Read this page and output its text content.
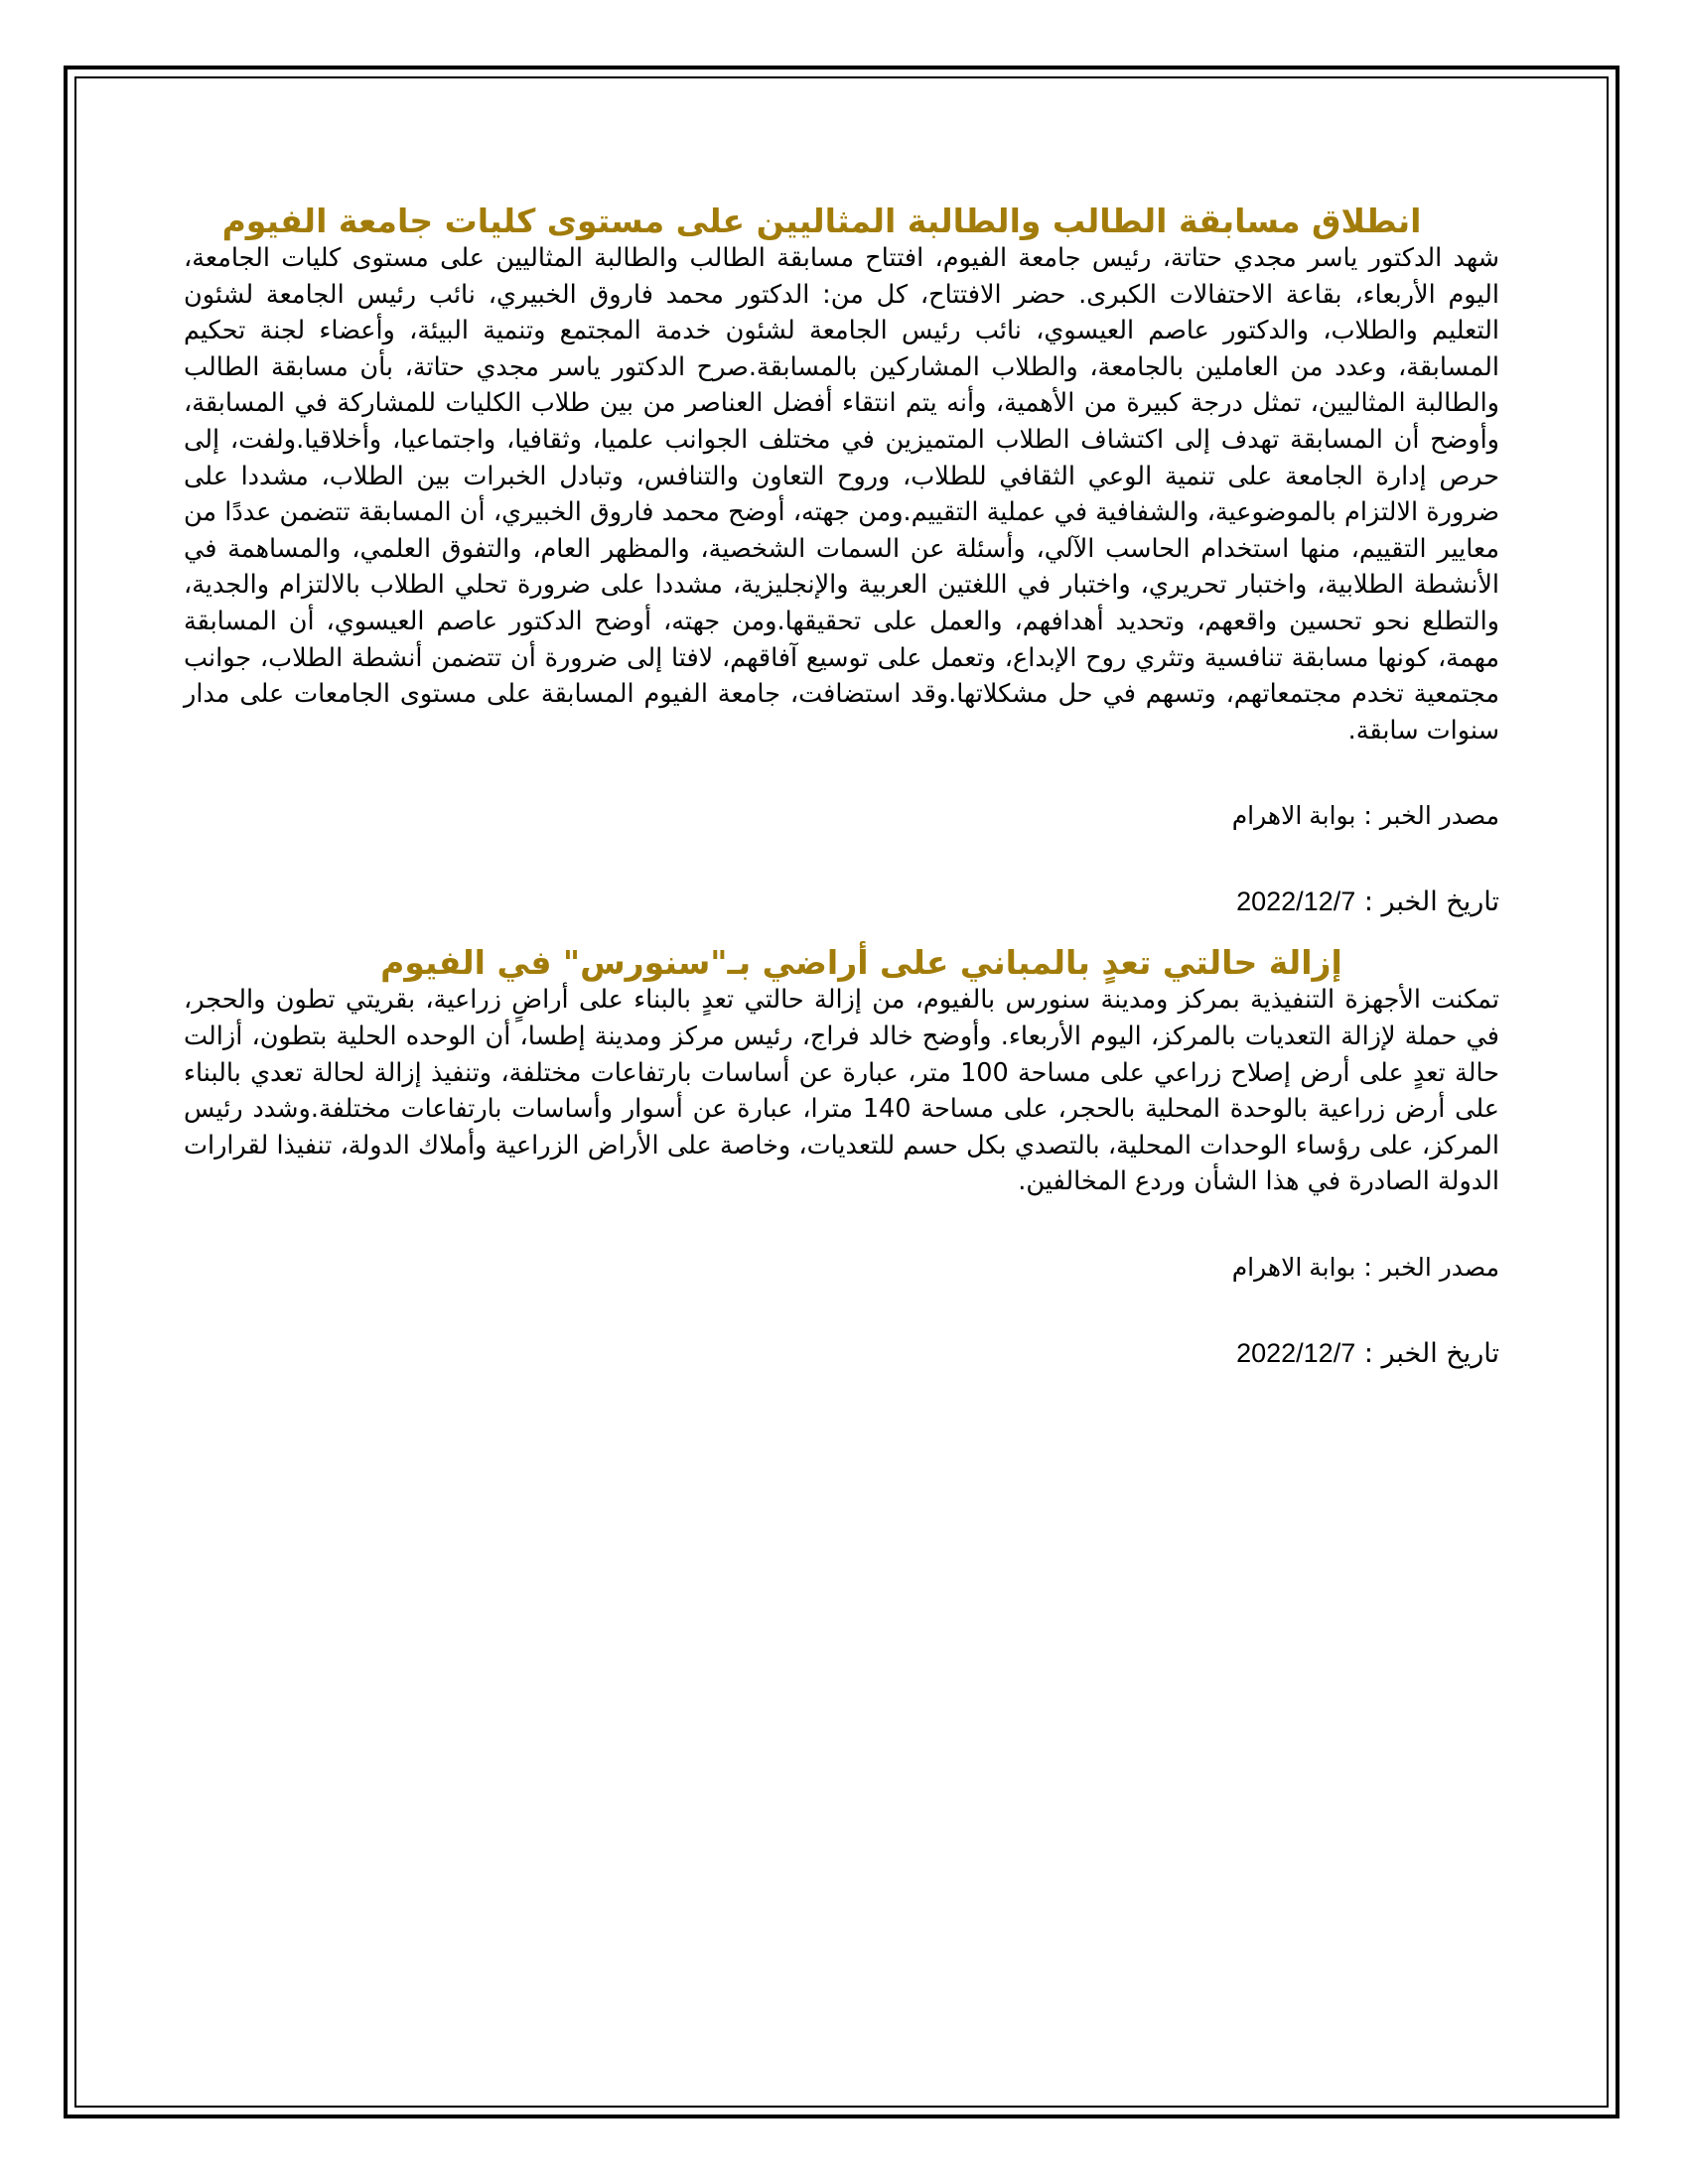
انطلاق مسابقة الطالب والطالبة المثاليين على مستوى كليات جامعة الفيوم

شهد الدكتور ياسر مجدي حتاتة، رئيس جامعة الفيوم، افتتاح مسابقة الطالب والطالبة المثاليين على مستوى كليات الجامعة، اليوم الأربعاء، بقاعة الاحتفالات الكبرى. حضر الافتتاح، كل من: الدكتور محمد فاروق الخبيري، نائب رئيس الجامعة لشئون التعليم والطلاب، والدكتور عاصم العيسوي، نائب رئيس الجامعة لشئون خدمة المجتمع وتنمية البيئة، وأعضاء لجنة تحكيم المسابقة، وعدد من العاملين بالجامعة، والطلاب المشاركين بالمسابقة.صرح الدكتور ياسر مجدي حتاتة، بأن مسابقة الطالب والطالبة المثاليين، تمثل درجة كبيرة من الأهمية، وأنه يتم انتقاء أفضل العناصر من بين طلاب الكليات للمشاركة في المسابقة، وأوضح أن المسابقة تهدف إلى اكتشاف الطلاب المتميزين في مختلف الجوانب علميا، وثقافيا، واجتماعيا، وأخلاقيا.ولفت، إلى حرص إدارة الجامعة على تنمية الوعي الثقافي للطلاب، وروح التعاون والتنافس، وتبادل الخبرات بين الطلاب، مشددا على ضرورة الالتزام بالموضوعية، والشفافية في عملية التقييم.ومن جهته، أوضح محمد فاروق الخبيري، أن المسابقة تتضمن عددًا من معايير التقييم، منها استخدام الحاسب الآلي، وأسئلة عن السمات الشخصية، والمظهر العام، والتفوق العلمي، والمساهمة في الأنشطة الطلابية، واختبار تحريري، واختبار في اللغتين العربية والإنجليزية، مشددا على ضرورة تحلي الطلاب بالالتزام والجدية، والتطلع نحو تحسين واقعهم، وتحديد أهدافهم، والعمل على تحقيقها.ومن جهته، أوضح الدكتور عاصم العيسوي، أن المسابقة مهمة، كونها مسابقة تنافسية وتثري روح الإبداع، وتعمل على توسيع آفاقهم، لافتا إلى ضرورة أن تتضمن أنشطة الطلاب، جوانب مجتمعية تخدم مجتمعاتهم، وتسهم في حل مشكلاتها.وقد استضافت، جامعة الفيوم المسابقة على مستوى الجامعات على مدار سنوات سابقة.

مصدر الخبر : بوابة الاهرام

تاريخ الخبر : 2022/12/7

إزالة حالتي تعدٍ بالمباني على أراضي بـ"سنورس" في الفيوم

تمكنت الأجهزة التنفيذية بمركز ومدينة سنورس بالفيوم، من إزالة حالتي تعدٍ بالبناء على أراضٍ زراعية، بقريتي تطون والحجر، في حملة لإزالة التعديات بالمركز، اليوم الأربعاء. وأوضح خالد فراج، رئيس مركز ومدينة إطسا، أن الوحده الحلية بتطون، أزالت حالة تعدٍ على أرض إصلاح زراعي على مساحة 100 متر، عبارة عن أساسات بارتفاعات مختلفة، وتنفيذ إزالة لحالة تعدي بالبناء على أرض زراعية بالوحدة المحلية بالحجر، على مساحة 140 مترا، عبارة عن أسوار وأساسات بارتفاعات مختلفة.وشدد رئيس المركز، على رؤساء الوحدات المحلية، بالتصدي بكل حسم للتعديات، وخاصة على الأراض الزراعية وأملاك الدولة، تنفيذا لقرارات الدولة الصادرة في هذا الشأن وردع المخالفين.

مصدر الخبر : بوابة الاهرام

تاريخ الخبر : 2022/12/7
